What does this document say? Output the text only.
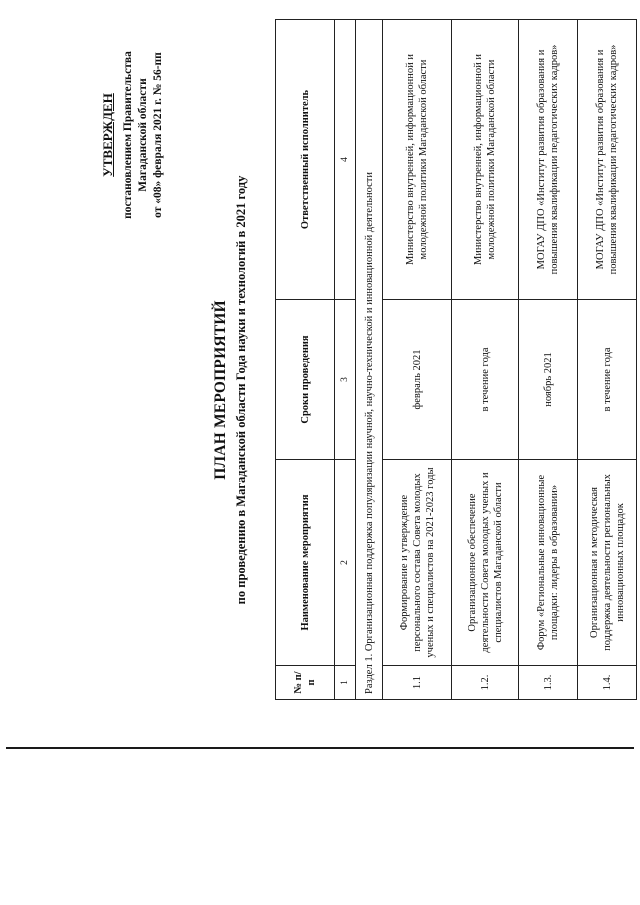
УТВЕРЖДЕН постановлением Правительства Магаданской области от «08» февраля 2021 г. № 56-пп
ПЛАН МЕРОПРИЯТИЙ по проведению в Магаданской области Года науки и технологий в 2021 году
№ п/п	Наименование мероприятия	Сроки проведения	Ответственный исполнитель
1	2	3	4
Раздел 1. Организационная поддержка популяризации научной, научно-технической и инновационной деятельности			
1.1	Формирование и утверждение персонального состава Совета молодых ученых и специалистов на 2021-2023 годы	февраль 2021	Министерство внутренней, информационной и молодежной политики Магаданской области
1.2.	Организационное обеспечение деятельности Совета молодых ученых и специалистов Магаданской области	в течение года	Министерство внутренней, информационной и молодежной политики Магаданской области
1.3.	Форум «Региональные инновационные площадки: лидеры в образовании»	ноябрь 2021	МОГАУ ДПО «Институт развития образования и повышения квалификации педагогических кадров»
1.4.	Организационная и методическая поддержка деятельности региональных инновационных площадок	в течение года	МОГАУ ДПО «Институт развития образования и повышения квалификации педагогических кадров»
